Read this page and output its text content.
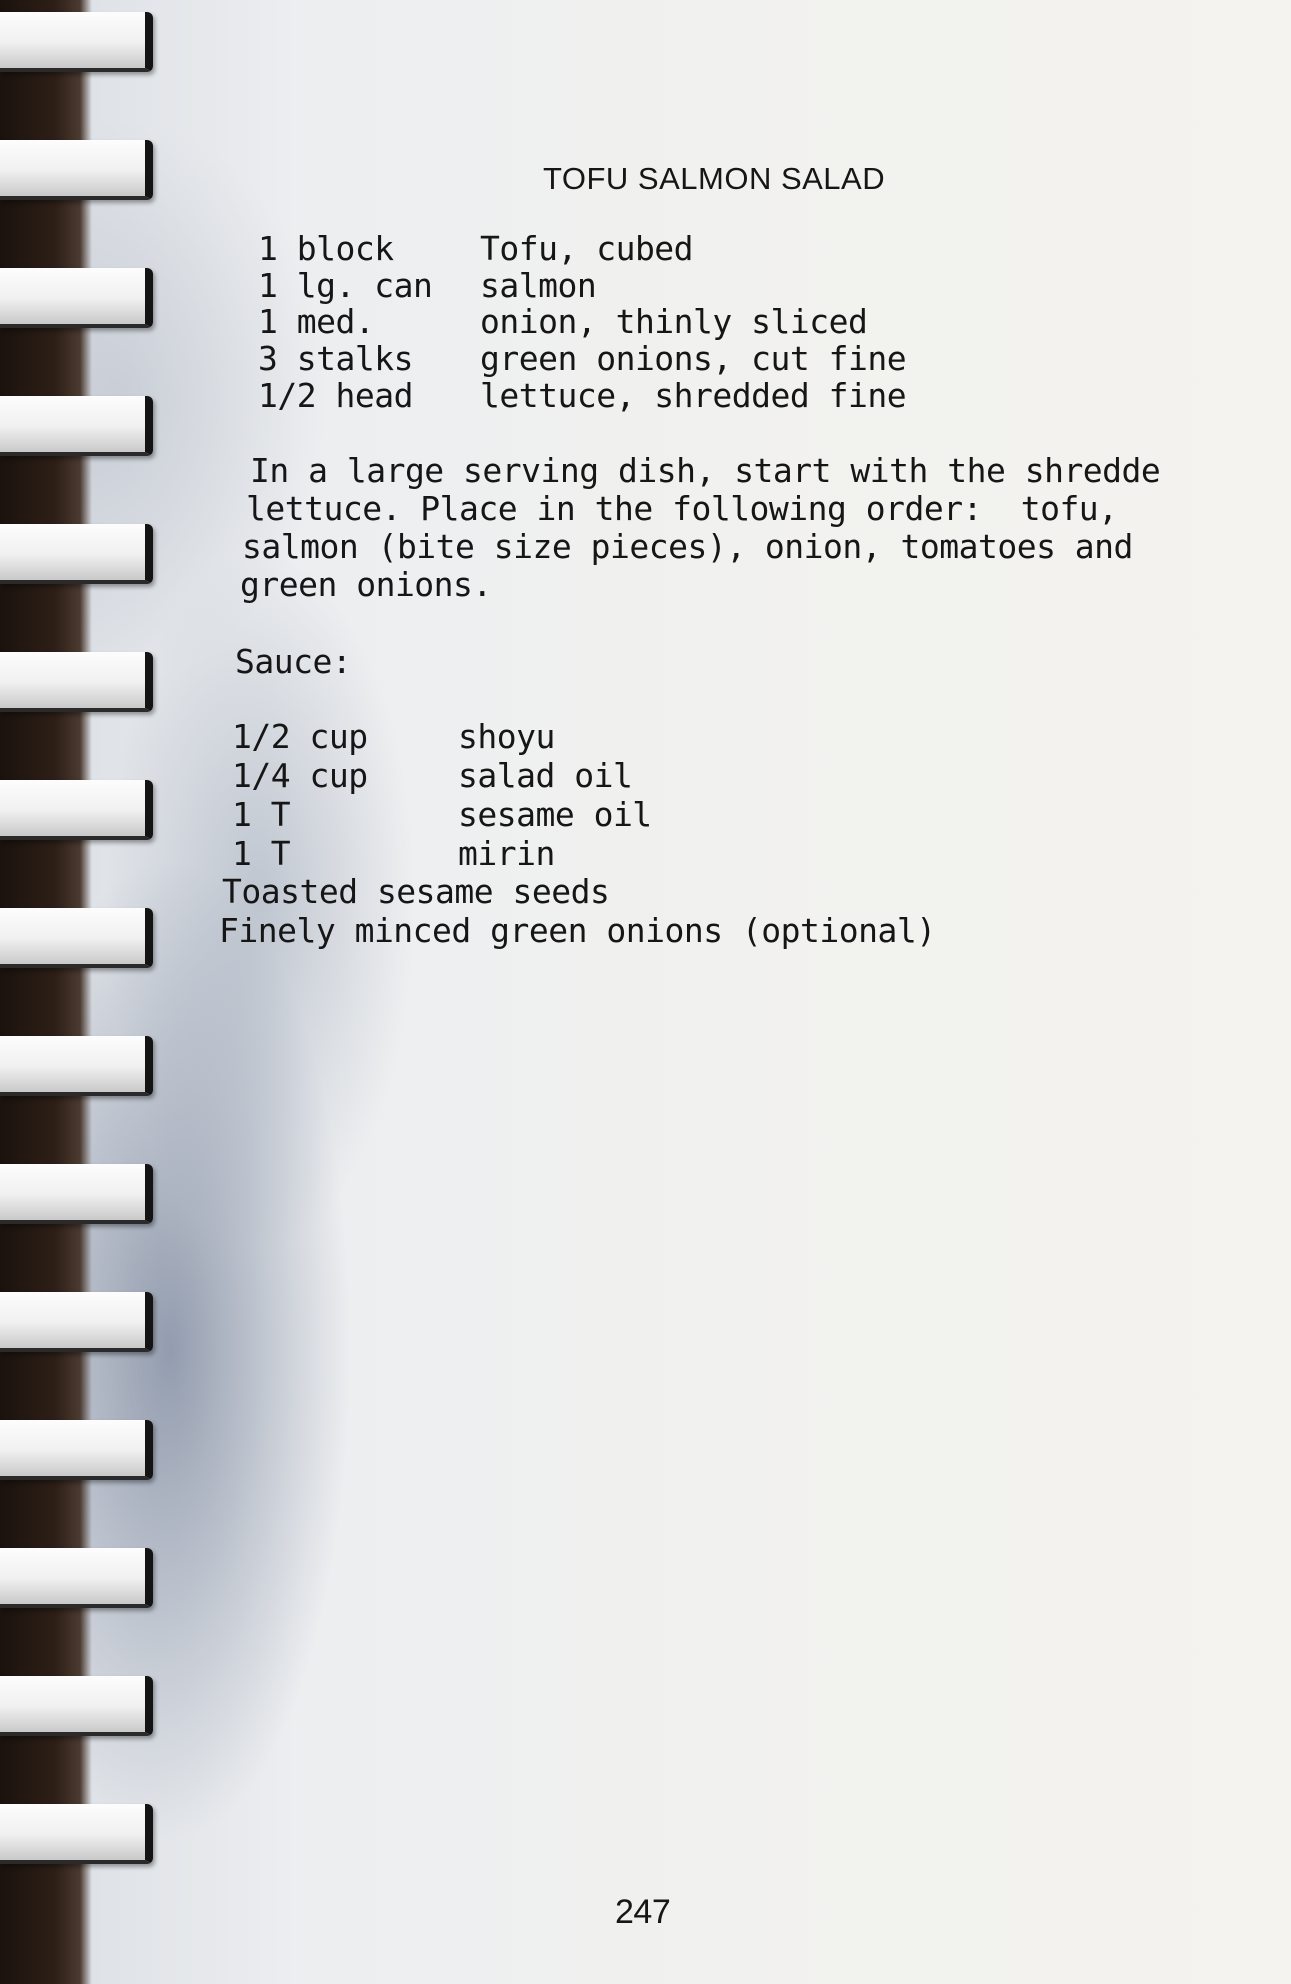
TOFU SALMON SALAD
1 block	Tofu, cubed
1 lg. can salmon
1 med.	onion, thinly sliced
3 stalks green onions, cut fine
1/2 head lettuce, shredded fine
In a large serving dish, start with the shredde
lettuce. Place in the following order:  tofu,
salmon (bite size pieces), onion, tomatoes and
green onions.
Sauce:
1/2 cup	shoyu
1/4 cup	salad oil
1 T	sesame oil
1 T	mirin
Toasted sesame seeds
Finely minced green onions (optional)
247
